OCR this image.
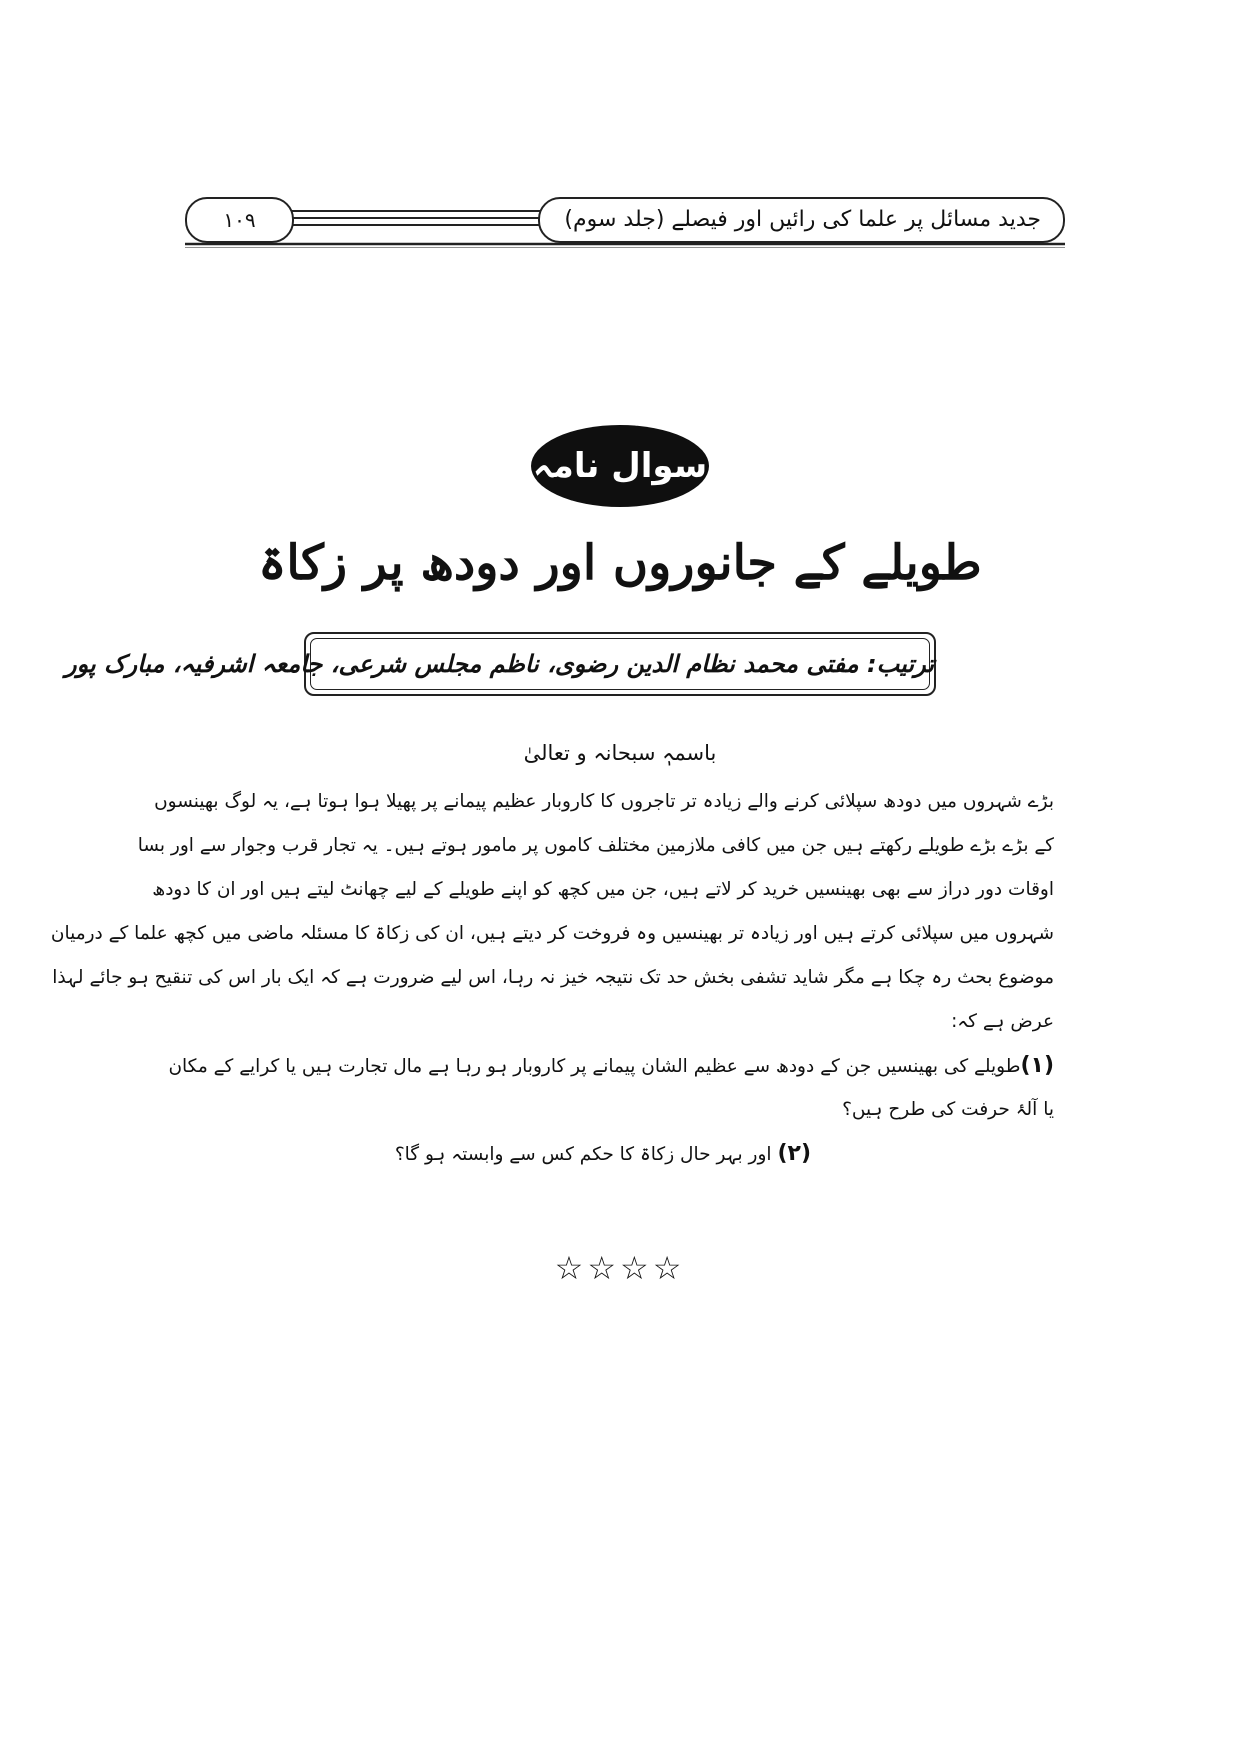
۱۰۹	جدید مسائل پر علما کی رائیں اور فیصلے (جلد سوم)
سوال نامہ
طویلے کے جانوروں اور دودھ پر زکاۃ
ترتیب: مفتی محمد نظام الدین رضوی، ناظم مجلس شرعی، جامعہ اشرفیہ، مبارک پور
باسمہٖ سبحانہ و تعالیٰ
بڑے شہروں میں دودھ سپلائی کرنے والے زیادہ تر تاجروں کا کاروبار عظیم پیمانے پر پھیلا ہوا ہوتا ہے، یہ لوگ بھینسوں
کے بڑے بڑے طویلے رکھتے ہیں جن میں کافی ملازمین مختلف کاموں پر مامور ہوتے ہیں۔ یہ تجار قرب وجوار سے اور بسا
اوقات دور دراز سے بھی بھینسیں خرید کر لاتے ہیں، جن میں کچھ کو اپنے طویلے کے لیے چھانٹ لیتے ہیں اور ان کا دودھ
شہروں میں سپلائی کرتے ہیں اور زیادہ تر بھینسیں وہ فروخت کر دیتے ہیں، ان کی زکاۃ کا مسئلہ ماضی میں کچھ علما کے درمیان
موضوع بحث رہ چکا ہے مگر شاید تشفی بخش حد تک نتیجہ خیز نہ رہا، اس لیے ضرورت ہے کہ ایک بار اس کی تنقیح ہو جائے لہذا
عرض ہے کہ:
(۱)طویلے کی بھینسیں جن کے دودھ سے عظیم الشان پیمانے پر کاروبار ہو رہا ہے مال تجارت ہیں یا کرایے کے مکان
یا آلۂ حرفت کی طرح ہیں؟
(۲) اور بہر حال زکاۃ کا حکم کس سے وابستہ ہو گا؟
☆☆☆☆
